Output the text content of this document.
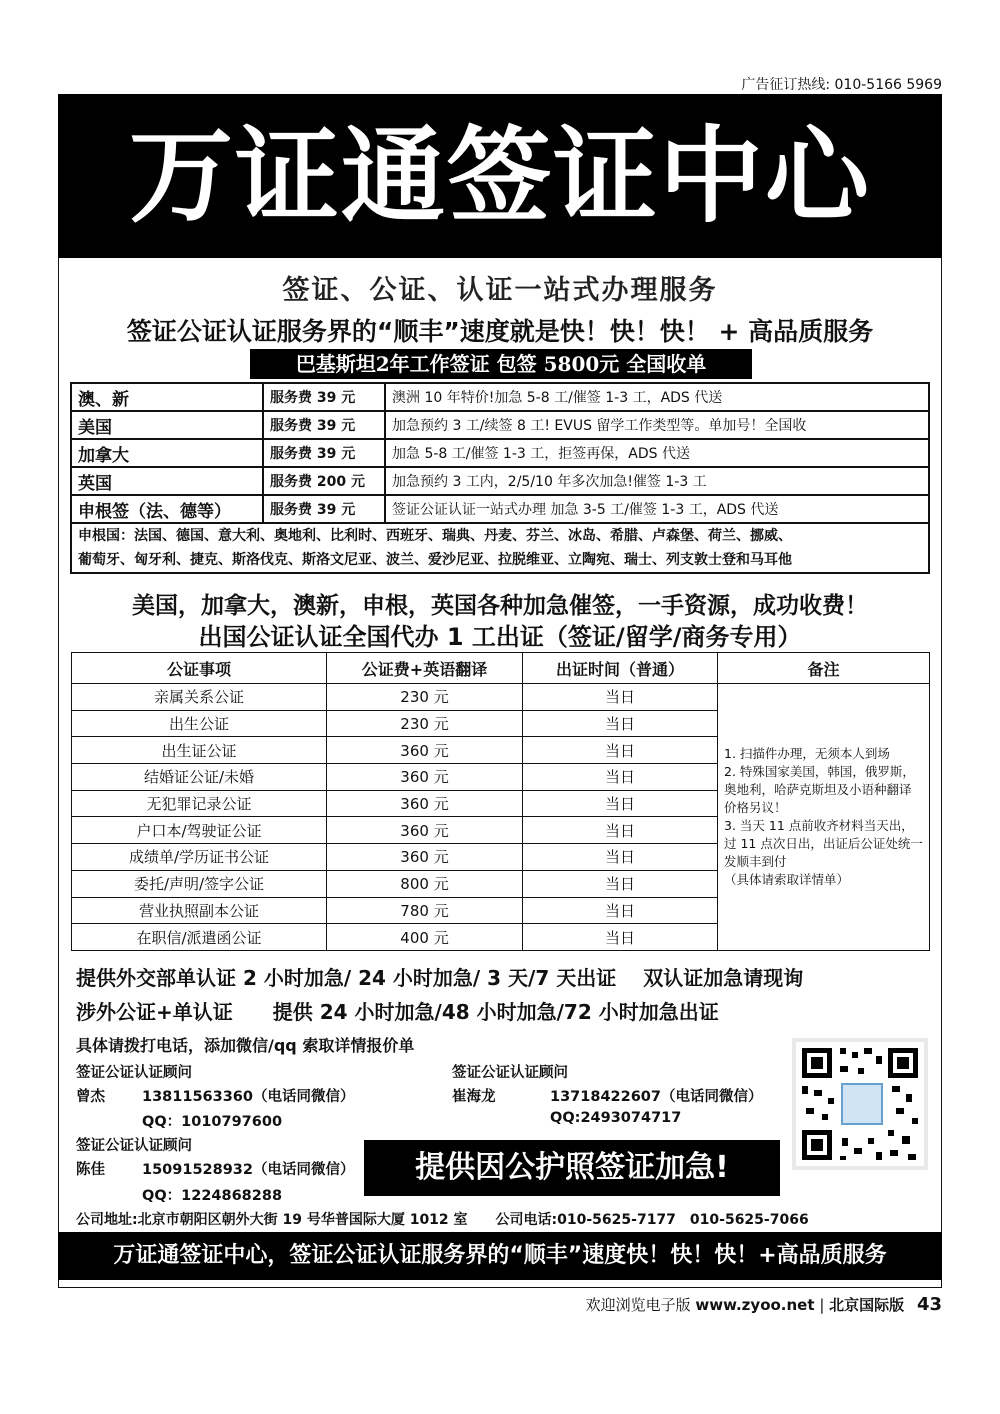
广告征订热线: 010-5166 5969
万证通签证中心
签证、公证、认证一站式办理服务
签证公证认证服务界的“顺丰”速度就是快！快！快！ + 高品质服务
巴基斯坦2年工作签证 包签 5800元 全国收单
澳、新	服务费 39 元	澳洲 10 年特价!加急 5-8 工/催签 1-3 工，ADS 代送
美国	服务费 39 元	加急预约 3 工/续签 8 工! EVUS 留学工作类型等。单加号！全国收
加拿大	服务费 39 元	加急 5-8 工/催签 1-3 工，拒签再保，ADS 代送
英国	服务费 200 元	加急预约 3 工内，2/5/10 年多次加急!催签 1-3 工
申根签（法、德等）	服务费 39 元	签证公证认证一站式办理 加急 3-5 工/催签 1-3 工，ADS 代送

申根国：法国、德国、意大利、奥地利、比利时、西班牙、瑞典、丹麦、芬兰、冰岛、希腊、卢森堡、荷兰、挪威、
葡萄牙、匈牙利、捷克、斯洛伐克、斯洛文尼亚、波兰、爱沙尼亚、拉脱维亚、立陶宛、瑞士、列支敦士登和马耳他		
美国，加拿大，澳新，申根，英国各种加急催签，一手资源，成功收费！
出国公证认证全国代办 1 工出证（签证/留学/商务专用）
公证事项	公证费+英语翻译	出证时间（普通）	备注
亲属关系公证	230 元	当日	1. 扫描件办理，无须本人到场
2. 特殊国家美国，韩国，俄罗斯，奥地利，哈萨克斯坦及小语种翻译价格另议！
3. 当天 11 点前收齐材料当天出，过 11 点次日出，出证后公证处统一发顺丰到付
（具体请索取详情单）

出生公证	230 元	当日	
出生证公证	360 元	当日	
结婚证公证/未婚	360 元	当日	
无犯罪记录公证	360 元	当日	
户口本/驾驶证公证	360 元	当日	
成绩单/学历证书公证	360 元	当日	
委托/声明/签字公证	800 元	当日	
营业执照副本公证	780 元	当日	
在职信/派遣函公证	400 元	当日	
提供外交部单认证 2 小时加急/ 24 小时加急/ 3 天/7 天出证　 双认证加急请现询
涉外公证+单认证　　提供 24 小时加急/48 小时加急/72 小时加急出证
具体请拨打电话，添加微信/qq 索取详情报价单
签证公证认证顾问
曾杰	13811563360（电话同微信）
QQ：1010797600
签证公证认证顾问
崔海龙	13718422607（电话同微信）
QQ:2493074717
签证公证认证顾问
陈佳	15091528932（电话同微信）
QQ：1224868288
提供因公护照签证加急!
公司地址:北京市朝阳区朝外大街 19 号华普国际大厦 1012 室　　公司电话:010-5625-7177　010-5625-7066
万证通签证中心，签证公证认证服务界的“顺丰”速度快！快！快！+高品质服务
欢迎浏览电子版 www.zyoo.net | 北京国际版 43
